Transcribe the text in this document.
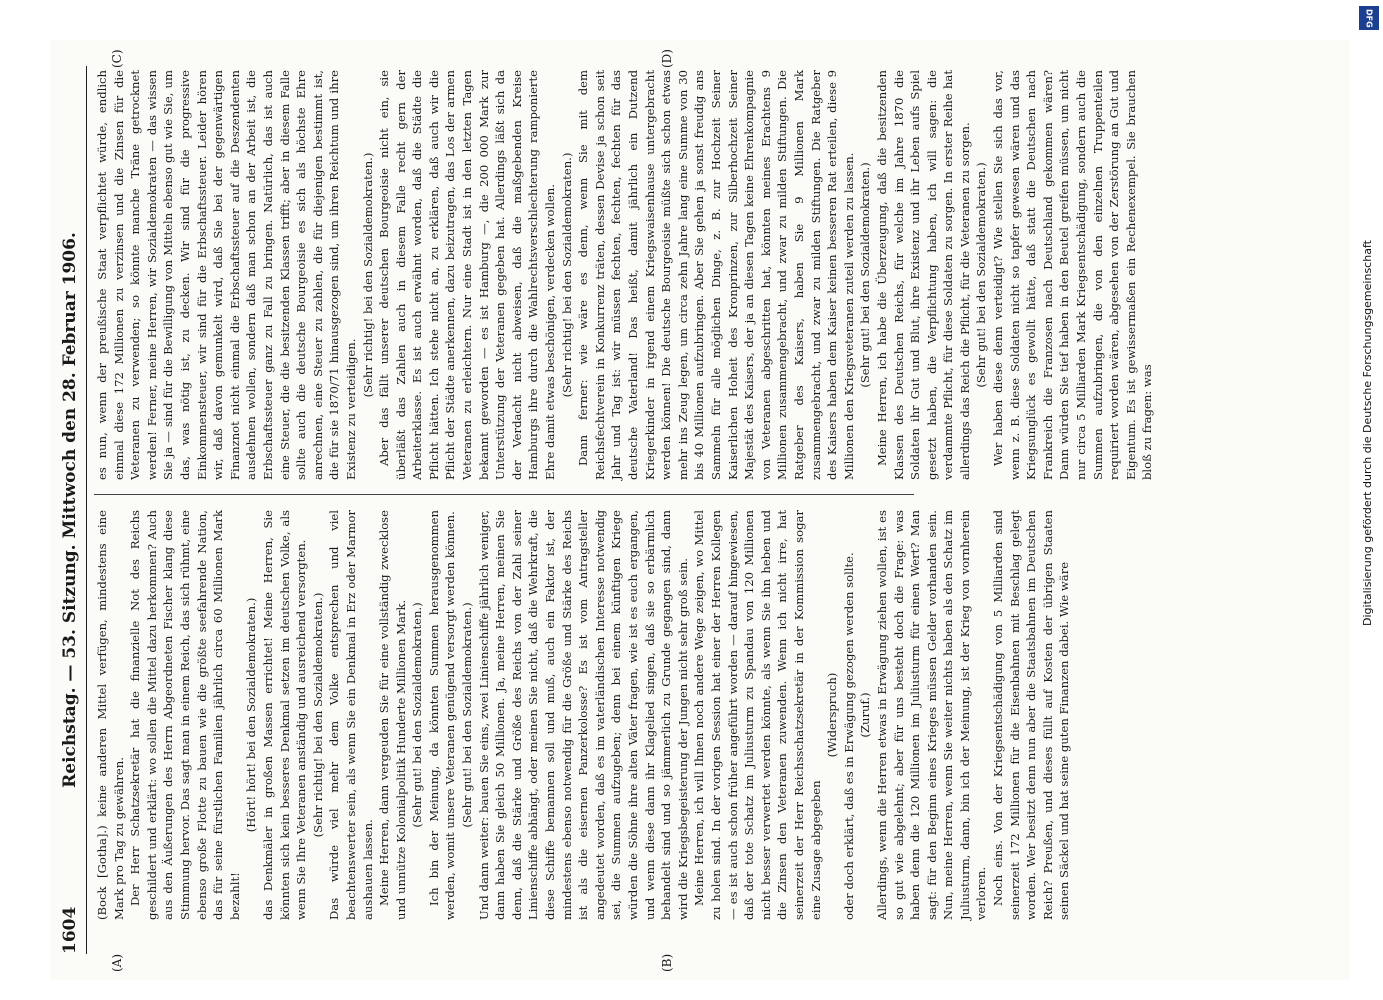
1604
Reichstag. — 53. Sitzung. Mittwoch den 28. Februar 1906.
(A)	(B)
(C)	(D)

(Bock [Gotha].) keine anderen Mittel verfügen, mindestens eine Mark pro Tag zu gewähren. Der Herr Schatzsekretär hat die finanzielle Not des Reichs geschildert und erklärt: wo sollen die Mittel dazu herkommen? Auch aus den Äußerungen des Herrn Abgeordneten Fischer klang diese Stimmung hervor. Das sagt man in einem Reich, das sich rühmt, eine ebenso große Flotte zu bauen wie die größte seefahrende Nation, das für seine fürstlichen Familien jährlich circa 60 Millionen Mark bezahlt!

(Hört! hört! bei den Sozialdemokraten.) das Denkmäler in großen Massen errichtet! Meine Herren, Sie könnten sich kein besseres Denkmal setzen im deutschen Volke, als wenn Sie Ihre Veteranen anständig und ausreichend versorgten. (Sehr richtig! bei den Sozialdemokraten.) Das würde viel mehr dem Volke entsprechen und viel beachtenswerter sein, als wenn Sie ein Denkmal in Erz oder Marmor aushauen lassen. Meine Herren, dann vergeuden Sie für eine vollständig zwecklose und unnütze Kolonialpolitik Hunderte Millionen Mark. (Sehr gut! bei den Sozialdemokraten.) Ich bin der Meinung, da könnten Summen herausgenommen werden, womit unsere Veteranen genügend versorgt werden können. (Sehr gut! bei den Sozialdemokraten.) Und dann weiter: bauen Sie eins, zwei Linienschiffe jährlich weniger, dann haben Sie gleich 50 Millionen. Ja, meine Herren, meinen Sie denn, daß die Stärke und Größe des Reichs von der Zahl seiner Linienschiffe abhängt, oder meinen Sie nicht, daß die Wehrkraft, die diese Schiffe bemannen soll und muß, auch ein Faktor ist, der mindestens ebenso notwendig für die Größe und Stärke des Reichs ist als die eisernen Panzerkolosse? Es ist vom Antragsteller angedeutet worden, daß es im vaterländischen Interesse notwendig sei, die Summen aufzugeben; denn bei einem künftigen Kriege würden die Söhne ihre alten Väter fragen, wie ist es euch ergangen, und wenn diese dann ihr Klagelied singen, daß sie so erbärmlich behandelt sind und so jämmerlich zu Grunde gegangen sind, dann wird die Kriegsbegeisterung der Jungen nicht sehr groß sein. Meine Herren, ich will Ihnen noch andere Wege zeigen, wo Mittel zu holen sind. In der vorigen Session hat einer der Herren Kollegen — es ist auch schon früher angeführt worden — darauf hingewiesen, daß der tote Schatz im Juliusturm zu Spandau von 120 Millionen nicht besser verwertet werden könnte, als wenn Sie ihn heben und die Zinsen den Veteranen zuwenden. Wenn ich nicht irre, hat seinerzeit der Herr Reichsschatzsekretär in der Kommission sogar eine Zusage abgegeben

(Widerspruch) oder doch erklärt, daß es in Erwägung gezogen werden sollte. (Zuruf.) Allerdings, wenn die Herren etwas in Erwägung ziehen wollen, ist es so gut wie abgelehnt; aber für uns besteht doch die Frage: was haben denn die 120 Millionen im Juliusturm für einen Wert? Man sagt: für den Beginn eines Krieges müssen Gelder vorhanden sein. Nun, meine Herren, wenn Sie weiter nichts haben als den Schatz im Juliusturm, dann, bin ich der Meinung, ist der Krieg von vornherein verloren. Noch eins. Von der Kriegsentschädigung von 5 Milliarden sind seinerzeit 172 Millionen für die Eisenbahnen mit Beschlag gelegt worden. Wer besitzt denn nun aber die Staatsbahnen im Deutschen Reich? Preußen, und dieses füllt auf Kosten der übrigen Staaten seinen Säckel und hat seine guten Finanzen dabei. Wie wäre

es nun, wenn der preußische Staat verpflichtet würde, endlich einmal diese 172 Millionen zu verzinsen und die Zinsen für die Veteranen zu verwenden; so könnte manche Träne getrocknet werden! Ferner, meine Herren, wir Sozialdemokraten — das wissen Sie ja — sind für die Bewilligung von Mitteln ebenso gut wie Sie, um das, was nötig ist, zu decken. Wir sind für die progressive Einkommensteuer, wir sind für die Erbschaftssteuer. Leider hören wir, daß davon gemunkelt wird, daß Sie bei der gegenwärtigen Finanznot nicht einmal die Erbschaftssteuer auf die Deszendenten ausdehnen wollen, sondern daß man schon an der Arbeit ist, die Erbschaftssteuer ganz zu Fall zu bringen. Natürlich, das ist auch eine Steuer, die die besitzenden Klassen trifft; aber in diesem Falle sollte auch die deutsche Bourgeoisie es sich als höchste Ehre anrechnen, eine Steuer zu zahlen, die für diejenigen bestimmt ist, die für sie 1870/71 hinausgezogen sind, um ihren Reichtum und ihre Existenz zu verteidigen.

(Sehr richtig! bei den Sozialdemokraten.) Aber das fällt unserer deutschen Bourgeoisie nicht ein, sie überläßt das Zahlen auch in diesem Falle recht gern der Arbeiterklasse. Es ist auch erwähnt worden, daß die Städte die Pflicht hätten. Ich stehe nicht an, zu erklären, daß auch wir die Pflicht der Städte anerkennen, dazu beizutragen, das Los der armen Veteranen zu erleichtern. Nur eine Stadt ist in den letzten Tagen bekannt geworden — es ist Hamburg —, die 200 000 Mark zur Unterstützung der Veteranen gegeben hat. Allerdings läßt sich da der Verdacht nicht abweisen, daß die maßgebenden Kreise Hamburgs ihre durch die Wahlrechtsverschlechterung ramponierte Ehre damit etwas beschönigen, verdecken wollen. (Sehr richtig! bei den Sozialdemokraten.) Dann ferner: wie wäre es denn, wenn Sie mit dem Reichsfechtverein in Konkurrenz träten, dessen Devise ja schon seit Jahr und Tag ist: wir müssen fechten, fechten, fechten für das deutsche Vaterland! Das heißt, damit jährlich ein Dutzend Kriegerkinder in irgend einem Kriegswaisenhause untergebracht werden können! Die deutsche Bourgeoisie müßte sich schon etwas mehr ins Zeug legen, um circa zehn Jahre lang eine Summe von 30 bis 40 Millionen aufzubringen. Aber Sie gehen ja sonst freudig ans Sammeln für alle möglichen Dinge, z. B. zur Hochzeit Seiner Kaiserlichen Hoheit des Kronprinzen, zur Silberhochzeit Seiner Majestät des Kaisers, der ja an diesen Tagen keine Ehrenkompagnie von Veteranen abgeschritten hat, könnten meines Erachtens 9 Millionen zusammengebracht, und zwar zu milden Stiftungen. Die Ratgeber des Kaisers, haben Sie 9 Millionen Mark zusammengebracht, und zwar zu milden Stiftungen. Die Ratgeber des Kaisers haben dem Kaiser keinen besseren Rat erteilen, diese 9 Millionen den Kriegsveteranen zuteil werden zu lassen. (Sehr gut! bei den Sozialdemokraten.) Meine Herren, ich habe die Überzeugung, daß die besitzenden Klassen des Deutschen Reichs, für welche im Jahre 1870 die Soldaten ihr Gut und Blut, ihre Existenz und ihr Leben aufs Spiel gesetzt haben, die Verpflichtung haben, ich will sagen: die verdammte Pflicht, für diese Soldaten zu sorgen. In erster Reihe hat allerdings das Reich die Pflicht, für die Veteranen zu sorgen. (Sehr gut! bei den Sozialdemokraten.) Wer haben diese denn verteidigt? Wie stellen Sie sich das vor, wenn z. B. diese Soldaten nicht so tapfer gewesen wären und das Kriegsunglück es gewollt hätte, daß statt die Deutschen nach Frankreich die Franzosen nach Deutschland gekommen wären? Dann würden Sie tief haben in den Beutel greifen müssen, um nicht nur circa 5 Milliarden Mark Kriegsentschädigung, sondern auch die Summen aufzubringen, die von den einzelnen Truppenteilen requiriert worden wären, abgesehen von der Zerstörung an Gut und Eigentum. Es ist gewissermaßen ein Rechenexempel. Sie brauchen bloß zu fragen: was	Digitalisierung gefördert durch die Deutsche Forschungsgemeinschaft
DFG
